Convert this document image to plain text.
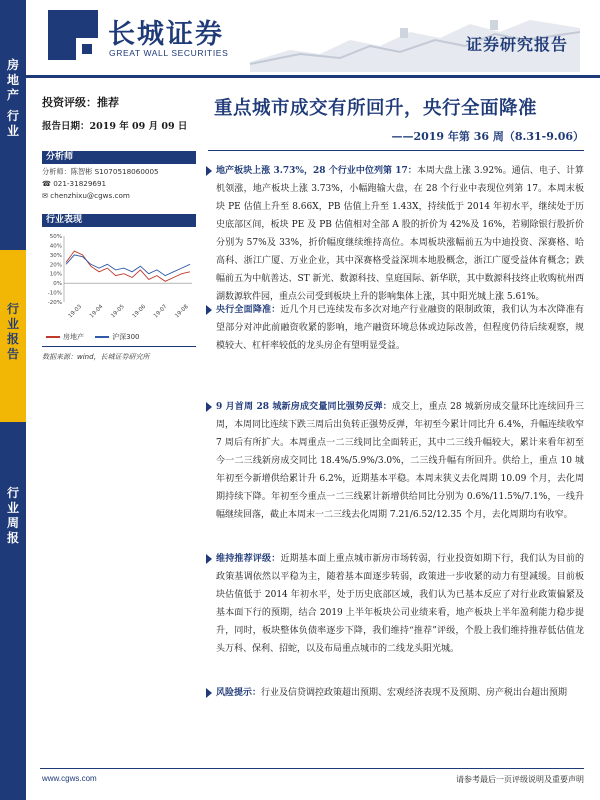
长城证券
GREAT WALL SECURITIES	证券研究报告
房
地
产
行
业
行
业
报
告
行
业
周
报
投资评级：推荐
报告日期：2019 年 09 月 09 日
分析师
分析师：陈智彬 S1070518060005
☎ 021-31829691
✉ chenzhixu@cgws.com
行业表现
50%
40%
30%
20%
10%
0%
-10%
-20%
19-03 19-04 19-05 19-06 19-07 19-08
房地产	沪深300
数据来源：wind，长城证券研究所
重点城市成交有所回升，央行全面降准
——2019 年第 36 周（8.31-9.06）
地产板块上涨 3.73%，28 个行业中位列第 17：本周大盘上涨 3.92%。通信、电子、计算机领涨，地产板块上涨 3.73%，小幅跑输大盘，在 28 个行业中表现位列第 17。本周末板块 PE 估值上升至 8.66X，PB 估值上升至 1.43X，持续低于 2014 年初水平，继续处于历史底部区间，板块 PE 及 PB 估值相对全部 A 股的折价为 42%及 16%，若剔除银行股折价分别为 57%及 33%，折价幅度继续维持高位。本周板块涨幅前五为中迪投资、深赛格、哈高科、浙江广厦、万业企业，其中深赛格受益深圳本地股概念，浙江广厦受益体育概念；跌幅前五为中航善达、ST 新光、数源科技、皇庭国际、新华联，其中数源科技终止收购杭州西湖数源软件园，重点公司受到板块上升的影响集体上涨，其中阳光城上涨 5.61%。
央行全面降准：近几个月已连续发布多次对地产行业融资的限制政策，我们认为本次降准有望部分对冲此前融资收紧的影响，地产融资环境总体或边际改善，但程度仍待后续观察，规模较大、杠杆率较低的龙头房企有望明显受益。
9 月首周 28 城新房成交量同比强势反弹：成交上，重点 28 城新房成交量环比连续回升三周，本周同比连续下跌三周后出负转正强势反弹，年初至今累计同比升 6.4%，升幅连续收窄 7 周后有所扩大。本周重点一二三线同比全面转正，其中二三线升幅较大，累计来看年初至今一二三线新房成交同比 18.4%/5.9%/3.0%，二三线升幅有所回升。供给上，重点 10 城年初至今新增供给累计升 6.2%，近期基本平稳。本周末狭义去化周期 10.09 个月，去化周期持续下降。年初至今重点一二三线累计新增供给同比分别为 0.6%/11.5%/7.1%，一线升幅继续回落，截止本周末一二三线去化周期 7.21/6.52/12.35 个月，去化周期均有收窄。
维持推荐评级：近期基本面上重点城市新房市场转弱，行业投资如期下行，我们认为目前的政策基调依然以平稳为主，随着基本面逐步转弱，政策进一步收紧的动力有望减缓。目前板块估值低于 2014 年初水平，处于历史底部区域，我们认为已基本反应了对行业政策偏紧及基本面下行的预期，结合 2019 上半年板块公司业绩来看，地产板块上半年盈利能力稳步提升，同时，板块整体负债率逐步下降，我们维持“推荐”评级，个股上我们维持推荐低估值龙头万科、保利、招蛇，以及布局重点城市的二线龙头阳光城。
风险提示：行业及信贷调控政策超出预期、宏观经济表现不及预期、房产税出台超出预期
www.cgws.com	请参考最后一页评级说明及重要声明
